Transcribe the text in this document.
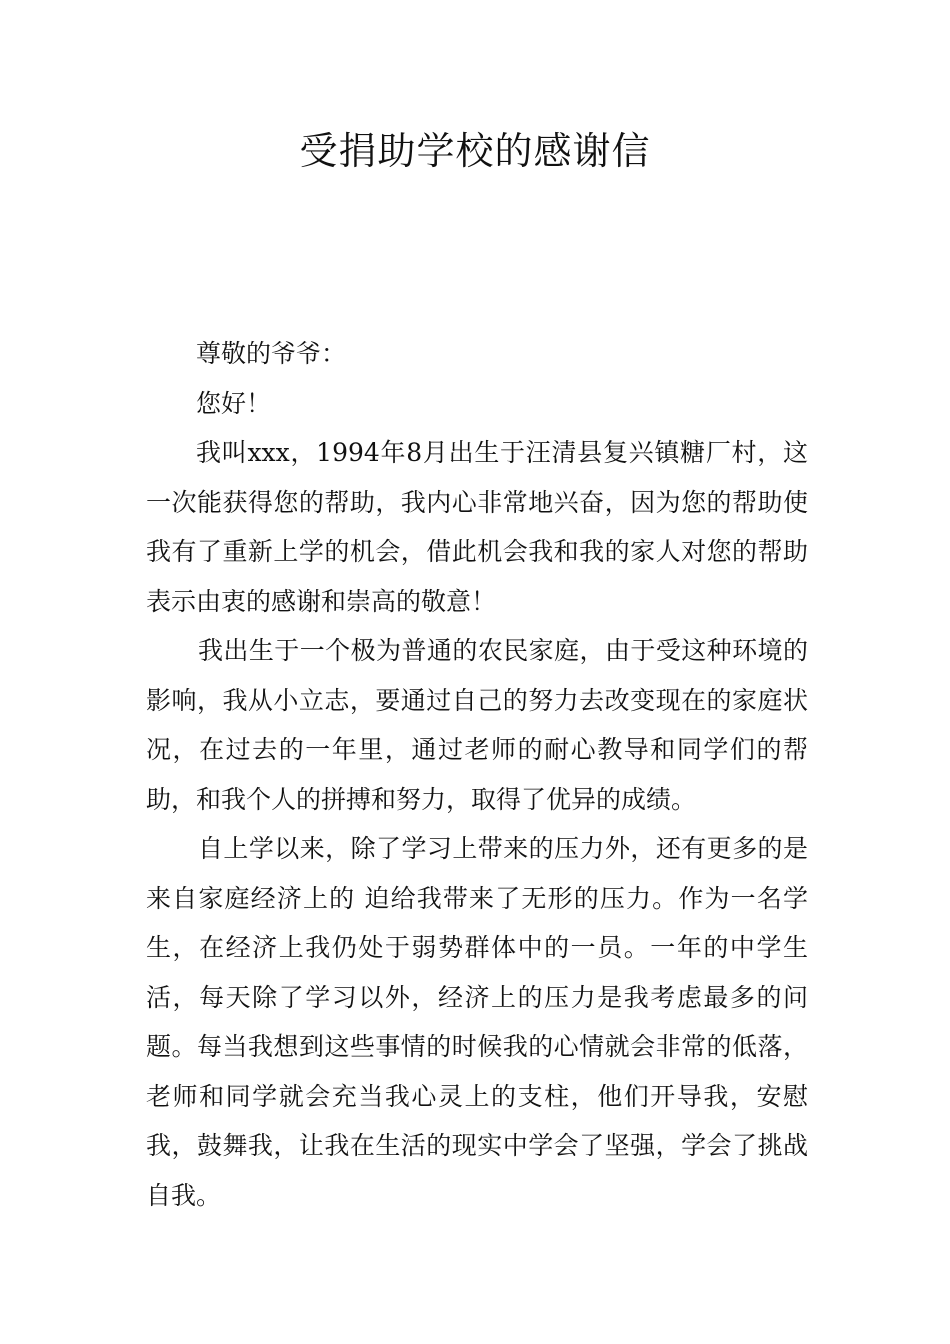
受捐助学校的感谢信

尊敬的爷爷：

您好！

我叫xxx，1994年8月出生于汪清县复兴镇糖厂村，这一次能获得您的帮助，我内心非常地兴奋，因为您的帮助使我有了重新上学的机会，借此机会我和我的家人对您的帮助表示由衷的感谢和崇高的敬意！

我出生于一个极为普通的农民家庭，由于受这种环境的影响，我从小立志，要通过自己的努力去改变现在的家庭状况，在过去的一年里，通过老师的耐心教导和同学们的帮助，和我个人的拼搏和努力，取得了优异的成绩。

自上学以来，除了学习上带来的压力外，还有更多的是来自家庭经济上的 迫给我带来了无形的压力。作为一名学生，在经济上我仍处于弱势群体中的一员。一年的中学生活，每天除了学习以外，经济上的压力是我考虑最多的问题。每当我想到这些事情的时候我的心情就会非常的低落，老师和同学就会充当我心灵上的支柱，他们开导我，安慰我，鼓舞我，让我在生活的现实中学会了坚强，学会了挑战自我。
